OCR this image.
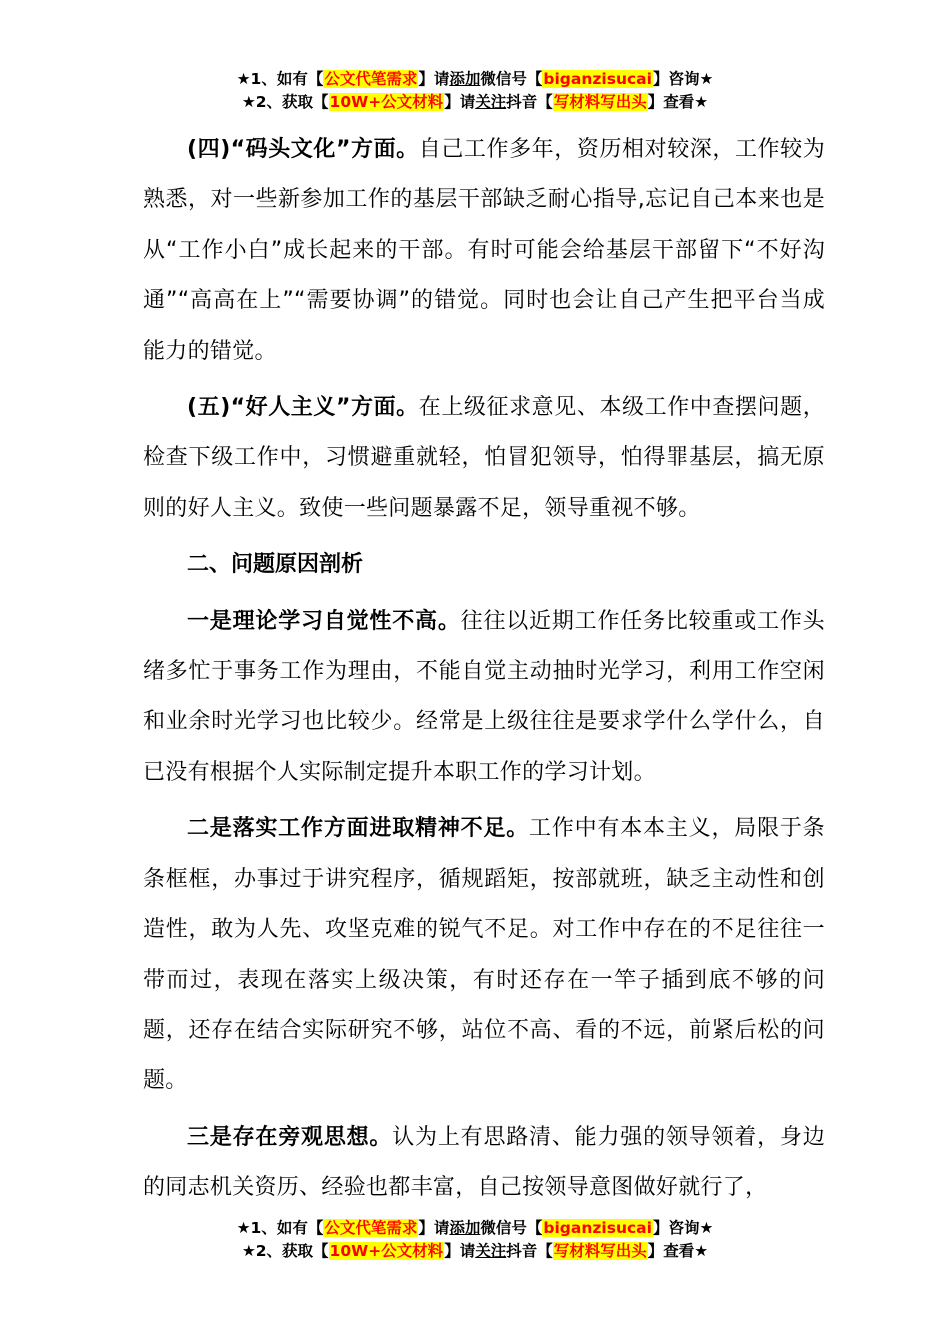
★1、如有【公文代笔需求】请添加微信号【biganzisucai】咨询★
★2、获取【10W+公文材料】请关注抖音【写材料写出头】查看★

(四)“码头文化”方面。自己工作多年，资历相对较深，工作较为熟悉，对一些新参加工作的基层干部缺乏耐心指导,忘记自己本来也是从“工作小白”成长起来的干部。有时可能会给基层干部留下“不好沟通”“高高在上”“需要协调”的错觉。同时也会让自己产生把平台当成能力的错觉。

(五)“好人主义”方面。在上级征求意见、本级工作中查摆问题，检查下级工作中，习惯避重就轻，怕冒犯领导，怕得罪基层，搞无原则的好人主义。致使一些问题暴露不足，领导重视不够。

二、问题原因剖析

一是理论学习自觉性不高。往往以近期工作任务比较重或工作头绪多忙于事务工作为理由，不能自觉主动抽时光学习，利用工作空闲和业余时光学习也比较少。经常是上级往往是要求学什么学什么，自已没有根据个人实际制定提升本职工作的学习计划。

二是落实工作方面进取精神不足。工作中有本本主义，局限于条条框框，办事过于讲究程序，循规蹈矩，按部就班，缺乏主动性和创造性，敢为人先、攻坚克难的锐气不足。对工作中存在的不足往往一带而过，表现在落实上级决策，有时还存在一竿子插到底不够的问题，还存在结合实际研究不够，站位不高、看的不远，前紧后松的问题。

三是存在旁观思想。认为上有思路清、能力强的领导领着，身边的同志机关资历、经验也都丰富，自己按领导意图做好就行了，

★1、如有【公文代笔需求】请添加微信号【biganzisucai】咨询★
★2、获取【10W+公文材料】请关注抖音【写材料写出头】查看★
